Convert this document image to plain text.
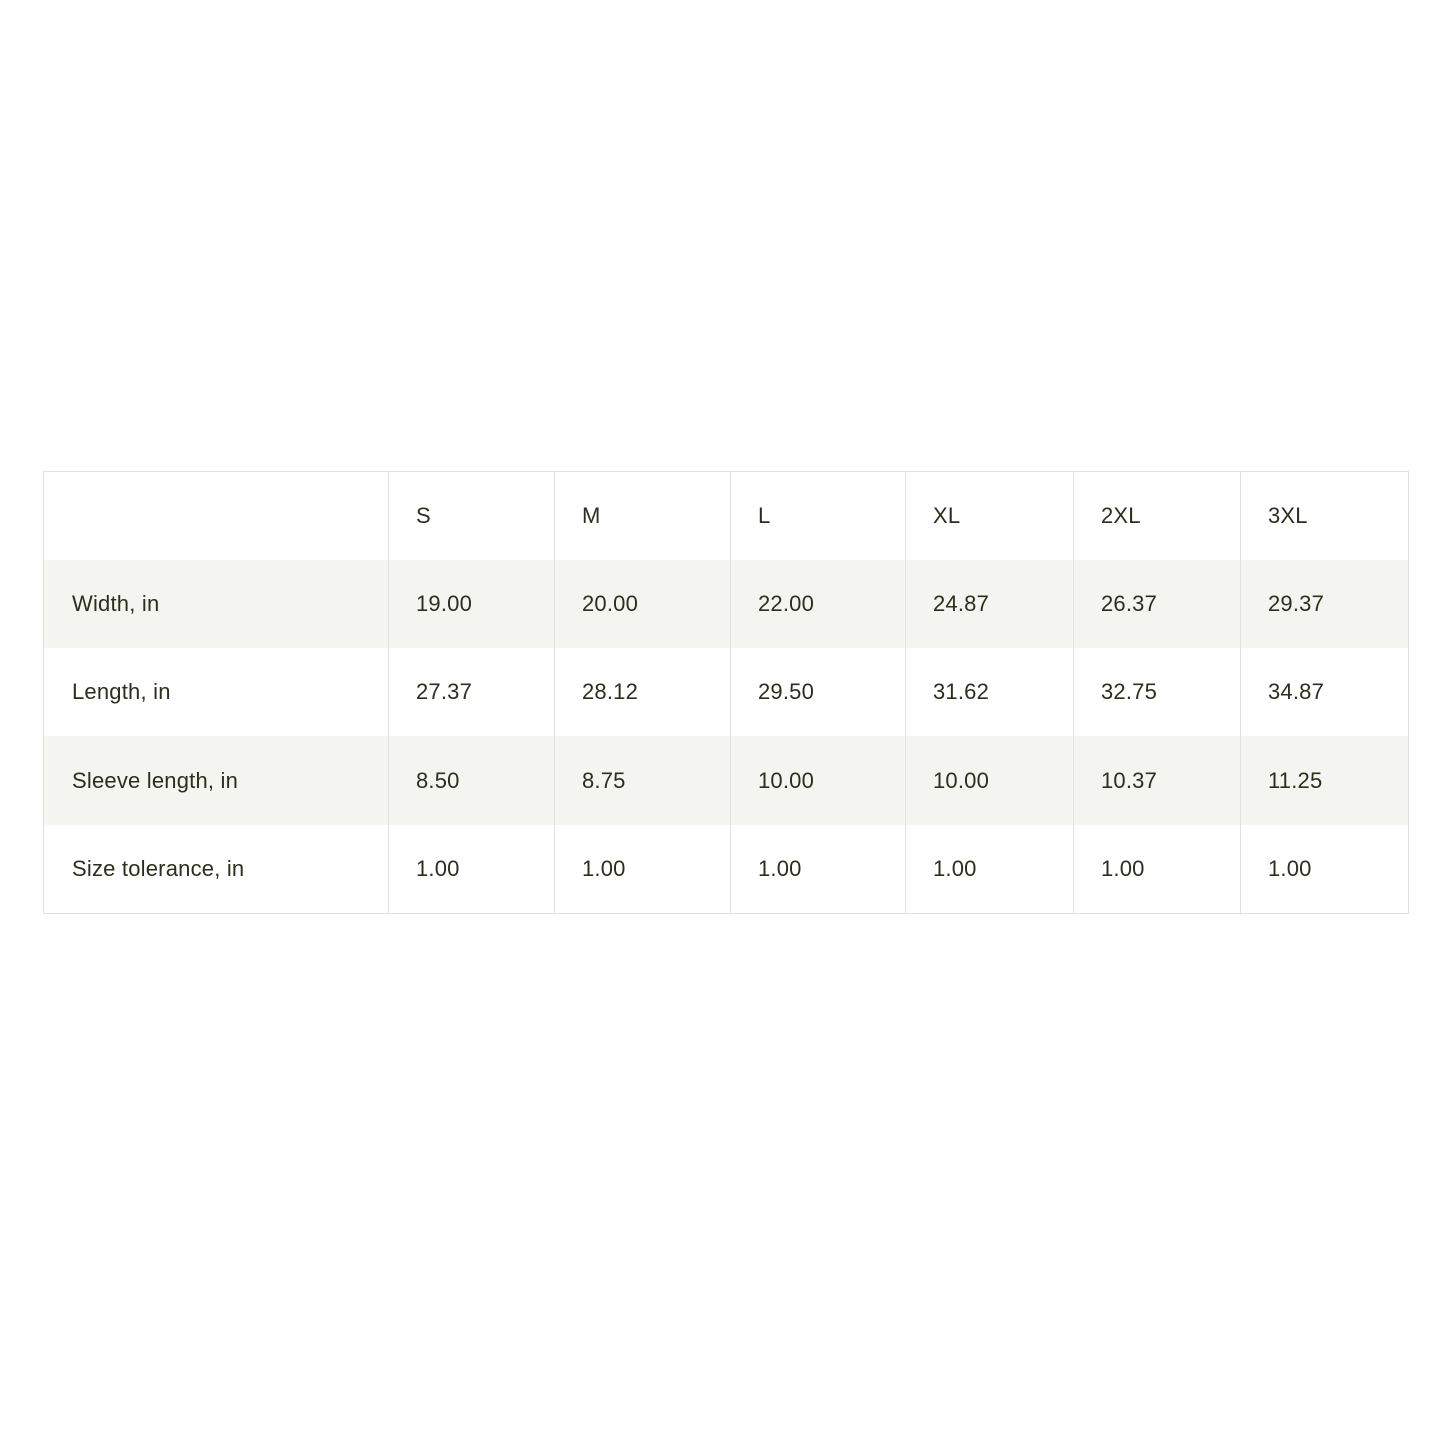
	S	M	L	XL	2XL	3XL
Width, in	19.00	20.00	22.00	24.87	26.37	29.37
Length, in	27.37	28.12	29.50	31.62	32.75	34.87
Sleeve length, in	8.50	8.75	10.00	10.00	10.37	11.25
Size tolerance, in	1.00	1.00	1.00	1.00	1.00	1.00
